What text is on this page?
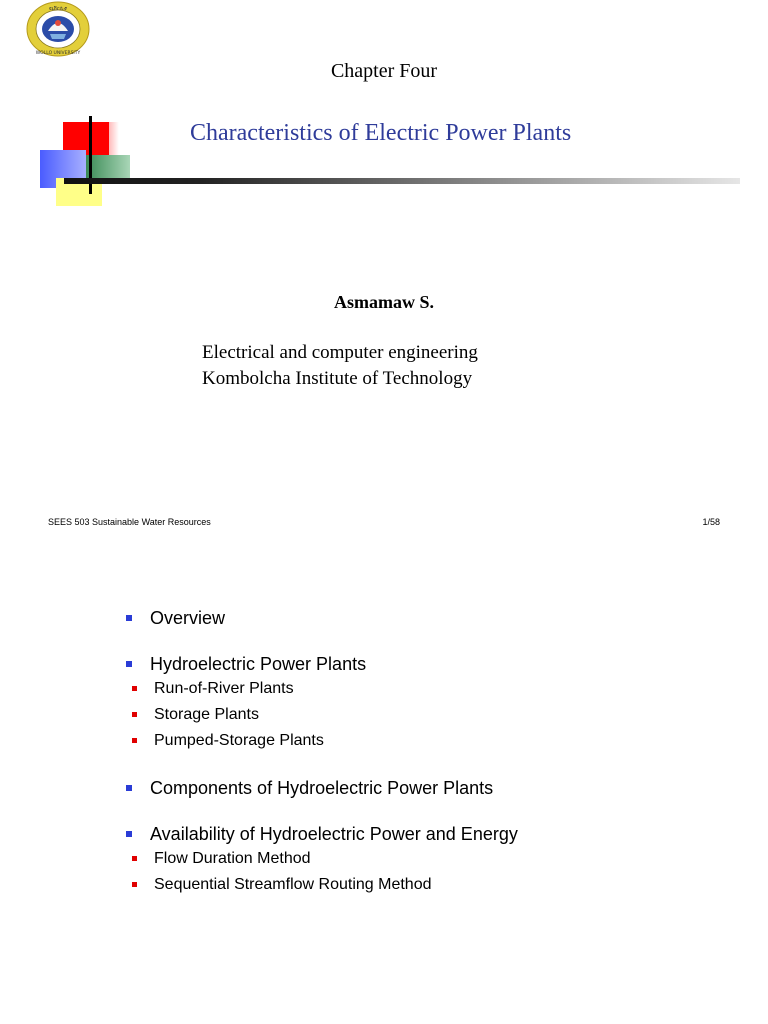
ዩኒቨርሲቲ
WOLLO UNIVERSITY
Chapter Four
Characteristics of Electric Power Plants
Asmamaw S.
Electrical and computer engineering
Kombolcha Institute of Technology
SEES 503 Sustainable Water Resources	1/58
Overview
Hydroelectric Power Plants
Run-of-River Plants
Storage Plants
Pumped-Storage Plants
Components of Hydroelectric Power Plants
Availability of Hydroelectric Power and Energy
Flow Duration Method
Sequential Streamflow Routing Method
